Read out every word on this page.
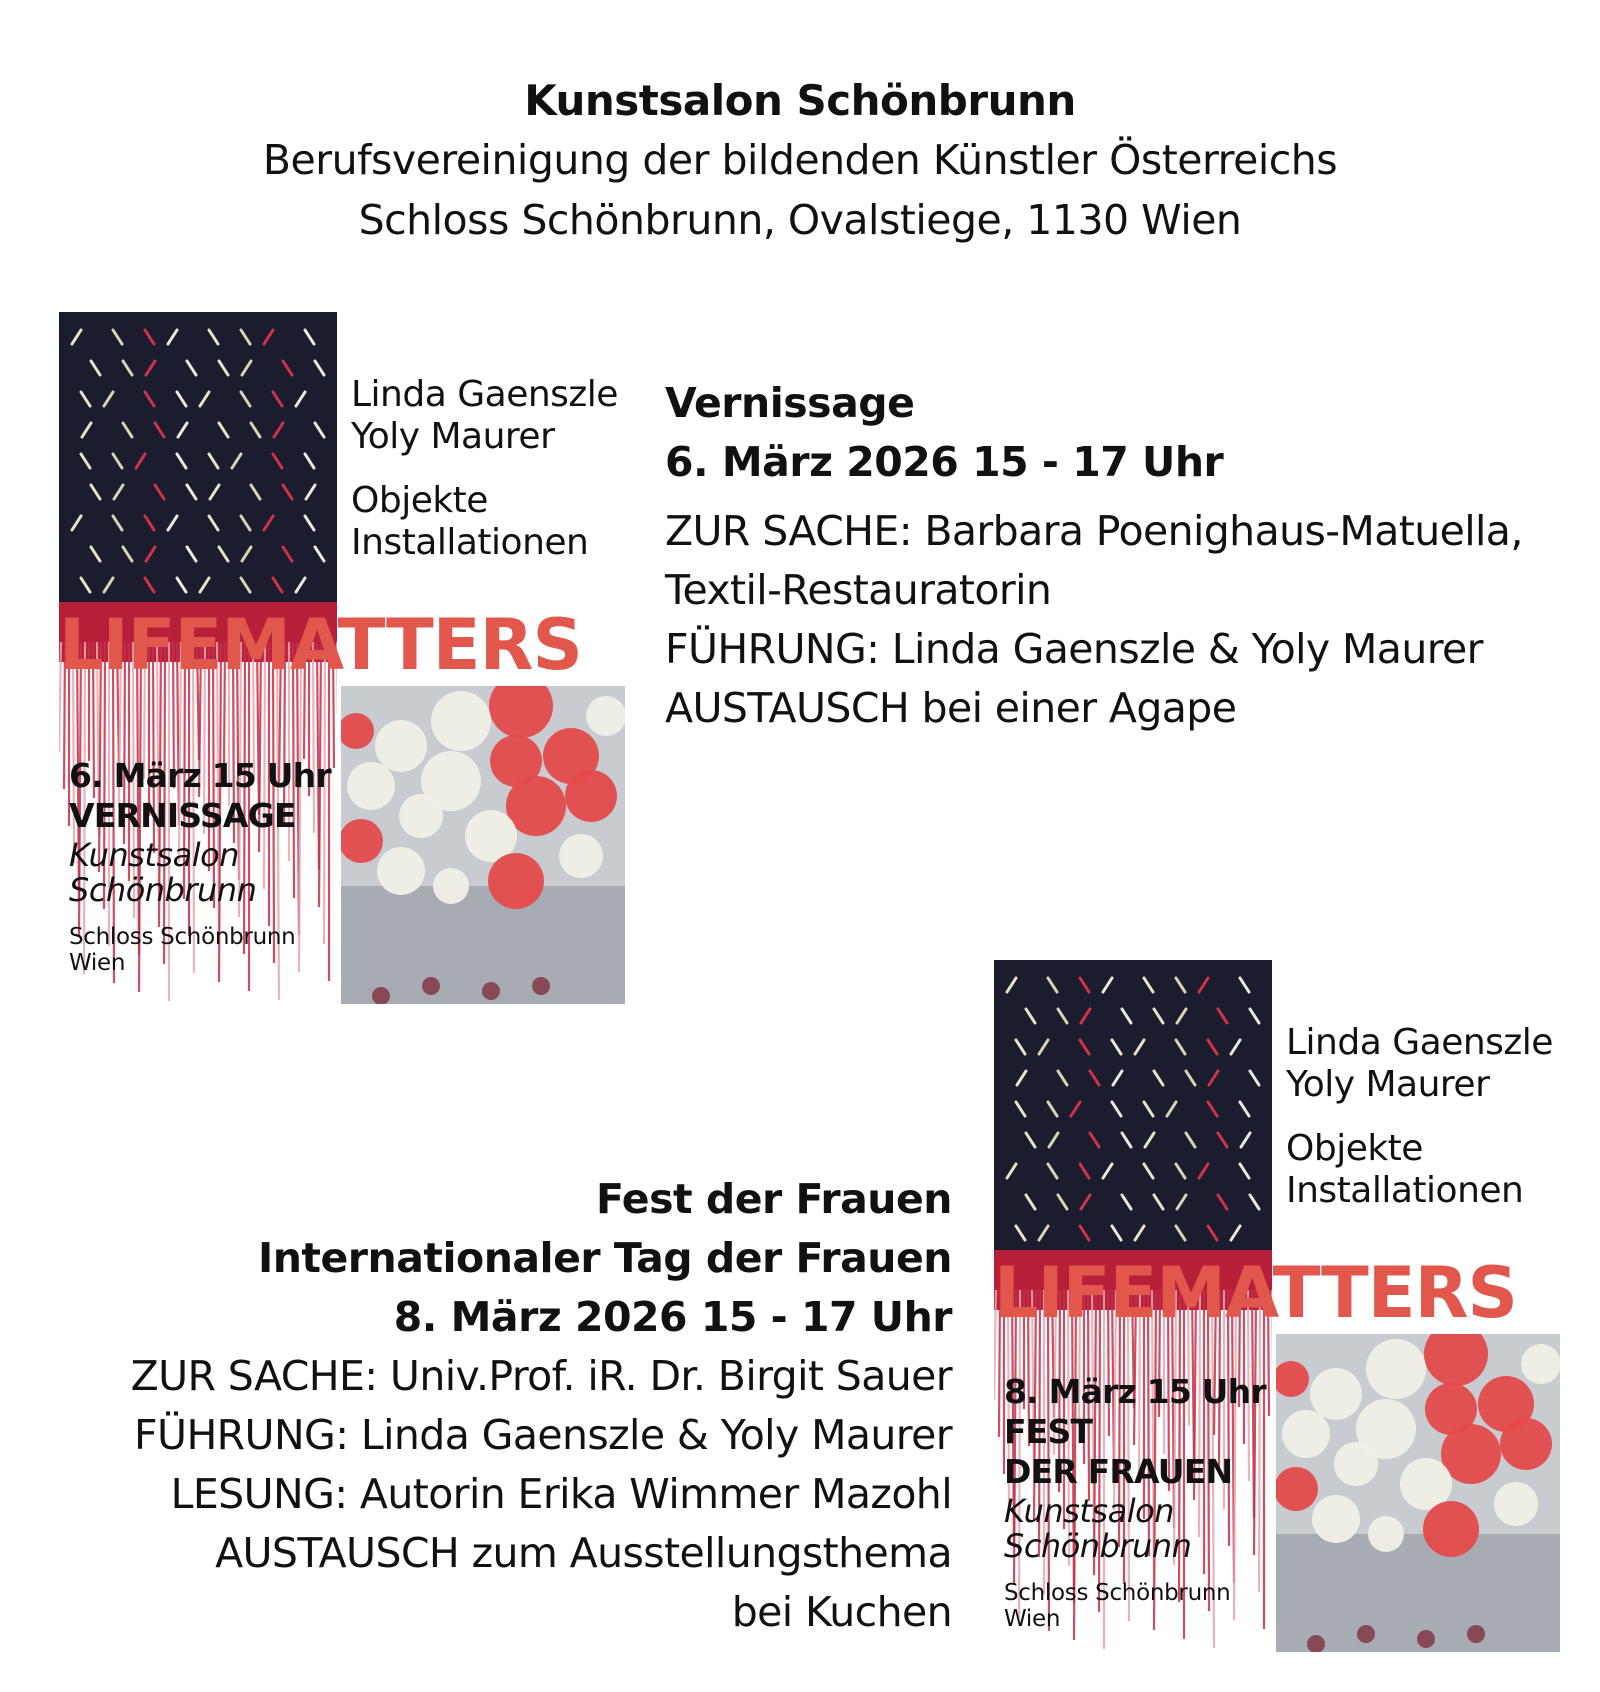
Kunstsalon Schönbrunn
Berufsvereinigung der bildenden Künstler Österreichs
Schloss Schönbrunn, Ovalstiege, 1130 Wien
Linda Gaenszle
Yoly Maurer
Objekte
Installationen
LIFEMATTERS
6. März 15 Uhr
VERNISSAGE
Kunstsalon
Schönbrunn
Schloss Schönbrunn
Wien
Vernissage
6. März 2026 15 - 17 Uhr
ZUR SACHE: Barbara Poenighaus-Matuella,
Textil-Restauratorin
FÜHRUNG: Linda Gaenszle & Yoly Maurer
AUSTAUSCH bei einer Agape
Fest der Frauen
Internationaler Tag der Frauen
8. März 2026 15 - 17 Uhr
ZUR SACHE: Univ.Prof. iR. Dr. Birgit Sauer
FÜHRUNG: Linda Gaenszle & Yoly Maurer
LESUNG: Autorin Erika Wimmer Mazohl
AUSTAUSCH zum Ausstellungsthema
bei Kuchen
Linda Gaenszle
Yoly Maurer
Objekte
Installationen
LIFEMATTERS
8. März 15 Uhr
FEST
DER FRAUEN
Kunstsalon
Schönbrunn
Schloss Schönbrunn
Wien
